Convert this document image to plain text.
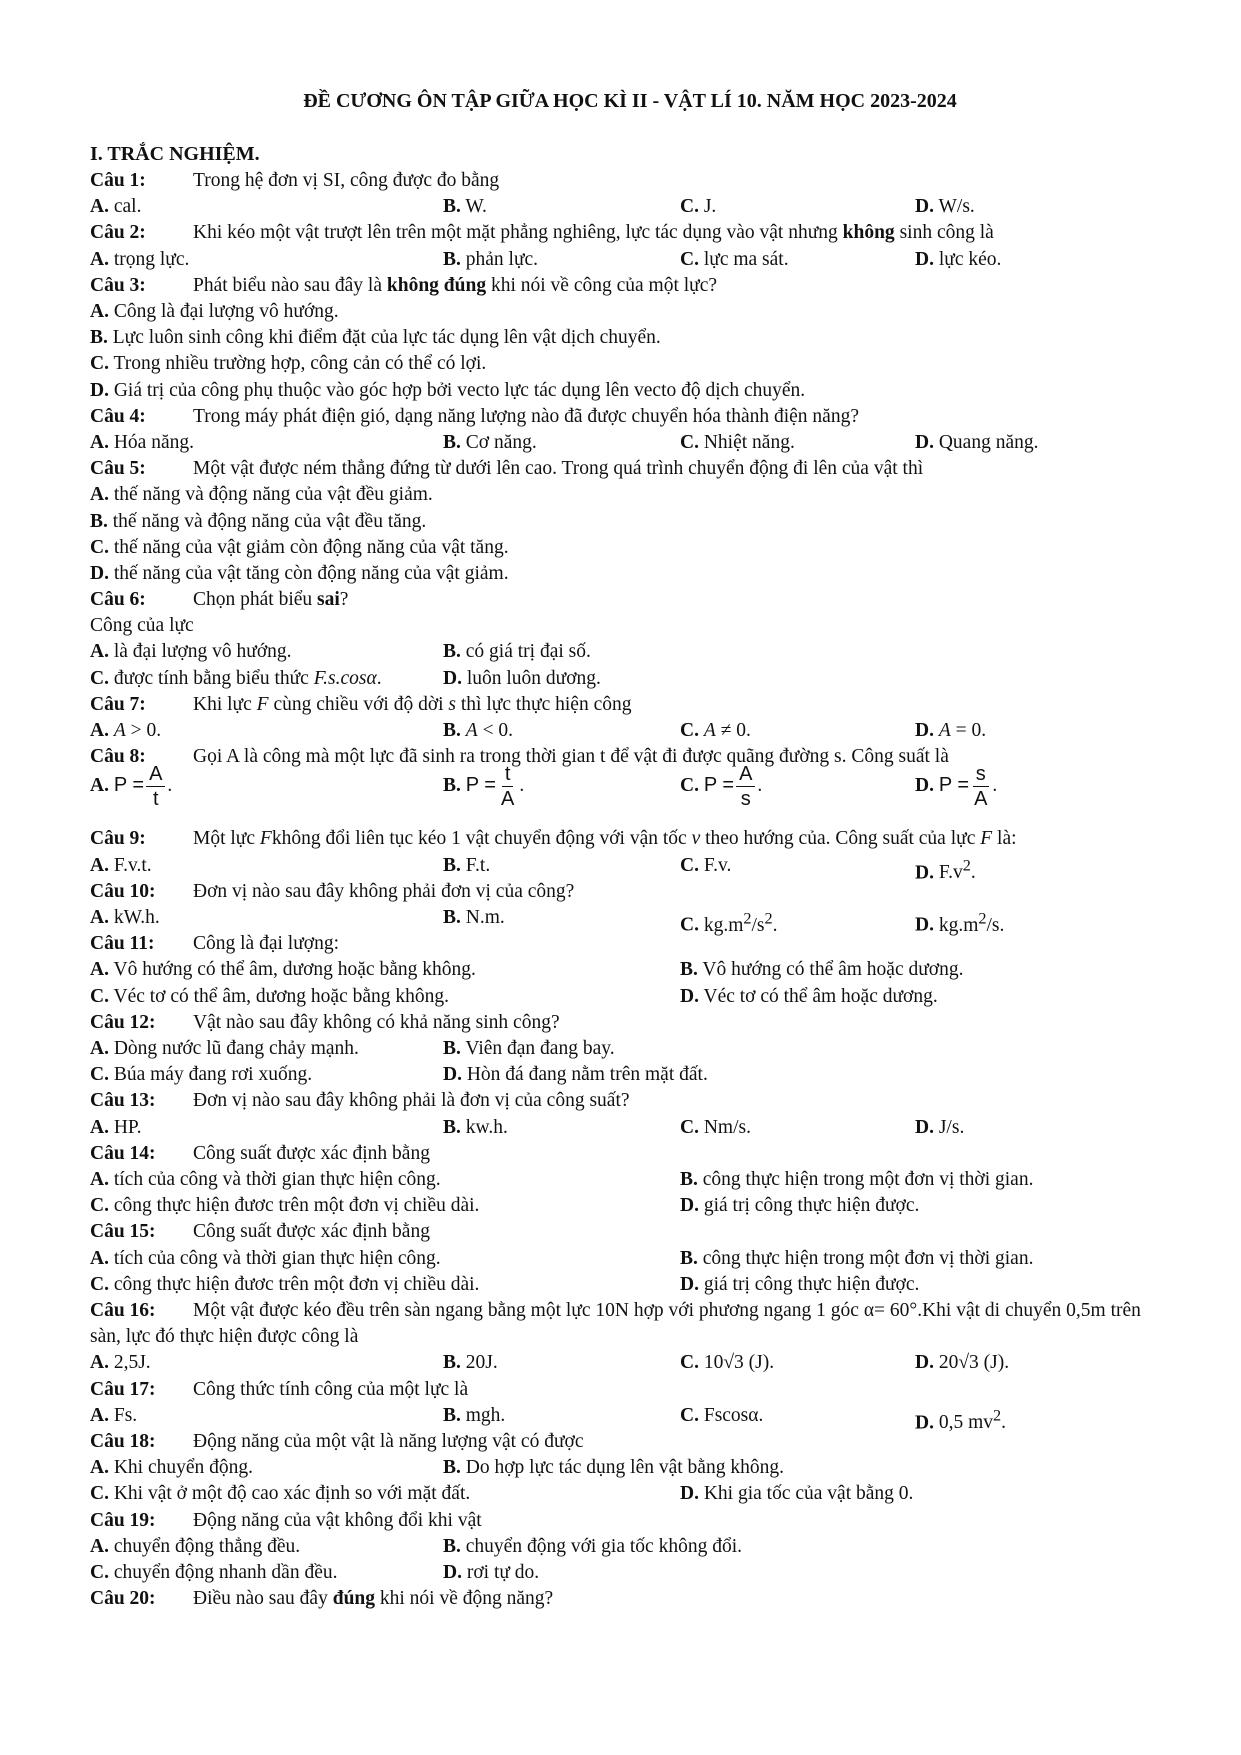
ĐỀ CƯƠNG ÔN TẬP GIỮA HỌC KÌ II - VẬT LÍ 10. NĂM HỌC 2023-2024
I. TRẮC NGHIỆM.
Câu 1:	Trong hệ đơn vị SI, công được đo bằng
A. cal.	B. W.	C. J.	D. W/s.
Câu 2:	Khi kéo một vật trượt lên trên một mặt phẳng nghiêng, lực tác dụng vào vật nhưng không sinh công là
A. trọng lực.	B. phản lực.	C. lực ma sát.	D. lực kéo.
Câu 3:	Phát biểu nào sau đây là không đúng khi nói về công của một lực?
A. Công là đại lượng vô hướng.
B. Lực luôn sinh công khi điểm đặt của lực tác dụng lên vật dịch chuyển.
C. Trong nhiều trường hợp, công cản có thể có lợi.
D. Giá trị của công phụ thuộc vào góc hợp bởi vecto lực tác dụng lên vecto độ dịch chuyển.
Câu 4:	Trong máy phát điện gió, dạng năng lượng nào đã được chuyển hóa thành điện năng?
A. Hóa năng.	B. Cơ năng.	C. Nhiệt năng.	D. Quang năng.
Câu 5:	Một vật được ném thẳng đứng từ dưới lên cao. Trong quá trình chuyển động đi lên của vật thì
A. thế năng và động năng của vật đều giảm.
B. thế năng và động năng của vật đều tăng.
C. thế năng của vật giảm còn động năng của vật tăng.
D. thế năng của vật tăng còn động năng của vật giảm.
Câu 6:	Chọn phát biểu sai?
Công của lực
A. là đại lượng vô hướng.	B. có giá trị đại số.
C. được tính bằng biểu thức F.s.cosα.	D. luôn luôn dương.
Câu 7:	Khi lực F cùng chiều với độ dời s thì lực thực hiện công
A. A > 0.	B. A < 0.	C. A ≠ 0.	D. A = 0.
Câu 8:	Gọi A là công mà một lực đã sinh ra trong thời gian t để vật đi được quãng đường s. Công suất là
A. $P = \frac{A}{t}$ .	B. $P = \frac{t}{A}$ .	C. $P = \frac{A}{s}$ .	D. $P = \frac{s}{A}$ .
Câu 9:	Một lực Fkhông đổi liên tục kéo 1 vật chuyển động với vận tốc v theo hướng của. Công suất của lực F là:
A. F.v.t.	B. F.t.	C. F.v.	D. $F.v^2$.
Câu 10:	Đơn vị nào sau đây không phải đơn vị của công?
A. kW.h.	B. N.m.	C. $kg.m^2/s^2$.	D. $kg.m^2/s$.
Câu 11:	Công là đại lượng:
A. Vô hướng có thể âm, dương hoặc bằng không.	B. Vô hướng có thể âm hoặc dương.
C. Véc tơ có thể âm, dương hoặc bằng không.	D. Véc tơ có thể âm hoặc dương.
Câu 12:	Vật nào sau đây không có khả năng sinh công?
A. Dòng nước lũ đang chảy mạnh.	B. Viên đạn đang bay.
C. Búa máy đang rơi xuống.	D. Hòn đá đang nằm trên mặt đất.
Câu 13:	Đơn vị nào sau đây không phải là đơn vị của công suất?
A. HP.	B. kw.h.	C. Nm/s.	D. J/s.
Câu 14:	Công suất được xác định bằng
A. tích của công và thời gian thực hiện công.	B. công thực hiện trong một đơn vị thời gian.
C. công thực hiện đươc trên một đơn vị chiều dài.	D. giá trị công thực hiện được.
Câu 15:	Công suất được xác định bằng
A. tích của công và thời gian thực hiện công.	B. công thực hiện trong một đơn vị thời gian.
C. công thực hiện đươc trên một đơn vị chiều dài.	D. giá trị công thực hiện được.
Câu 16: Một vật được kéo đều trên sàn ngang bằng một lực 10N hợp với phương ngang 1 góc α= 60°.Khi vật di chuyển 0,5m trên sàn, lực đó thực hiện được công là
A. 2,5J.	B. 20J.	C. 10√3 (J).	D. 20√3 (J).
Câu 17:	Công thức tính công của một lực là
A. Fs.	B. mgh.	C. Fscosα.	D. 0,5 $mv^2$.
Câu 18:	Động năng của một vật là năng lượng vật có được
A. Khi chuyển động.	B. Do hợp lực tác dụng lên vật bằng không.
C. Khi vật ở một độ cao xác định so với mặt đất.	D. Khi gia tốc của vật bằng 0.
Câu 19:	Động năng của vật không đổi khi vật
A. chuyển động thẳng đều.	B. chuyển động với gia tốc không đổi.
C. chuyển động nhanh dần đều.	D. rơi tự do.
Câu 20:	Điều nào sau đây đúng khi nói về động năng?
